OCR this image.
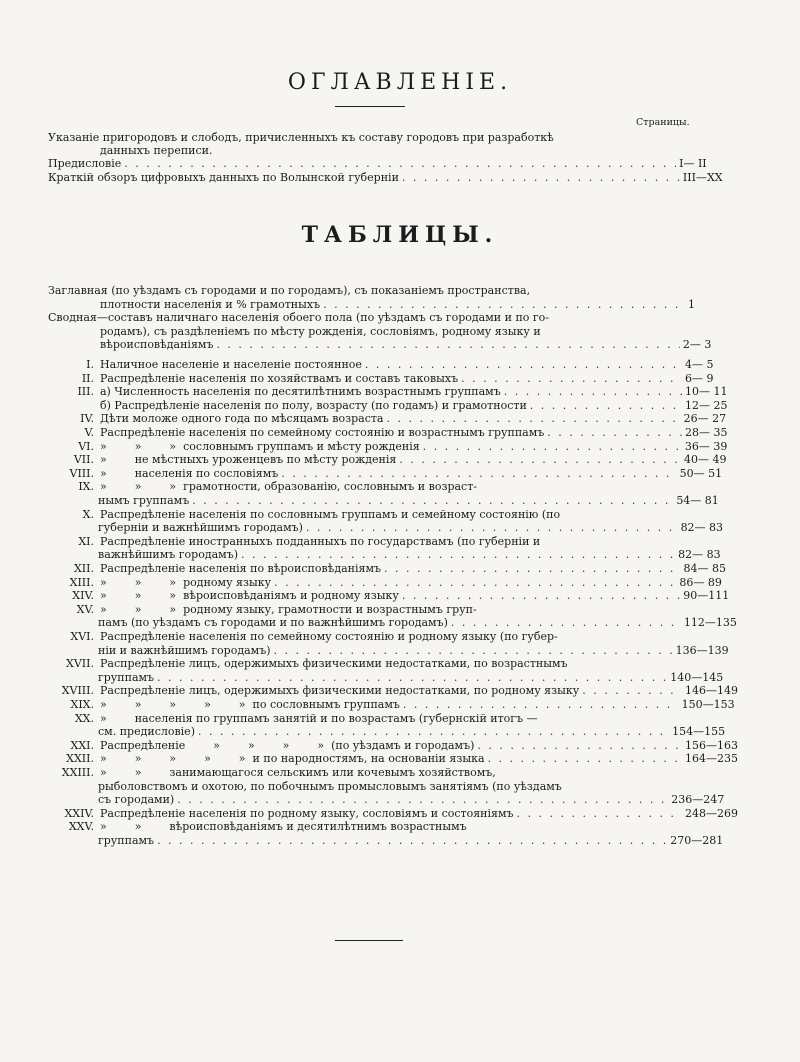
ОГЛАВЛЕНІЕ.
Страницы.
Указаніе пригородовъ и слободъ, причисленныхъ къ составу городовъ при разработкѣ
данныхъ переписи.
Предисловіе . . .	I— II
Краткій обзоръ цифровыхъ данныхъ по Волынской губерніи . . .	III—XX
ТАБЛИЦЫ.
Заглавная (по уѣздамъ съ городами и по городамъ), съ показаніемъ пространства,
плотности населенія и % грамотныхъ . . .	1
Сводная—составъ наличнаго населенія обоего пола (по уѣздамъ съ городами и по го-
родамъ), съ раздѣленіемъ по мѣсту рожденія, сословіямъ, родному языку и
вѣроисповѣданіямъ . . .	2— 3
I. Наличное населеніе и населеніе постоянное . . .	4— 5
II. Распредѣленіе населенія по хозяйствамъ и составъ таковыхъ . . .	6— 9
III. а) Численность населенія по десятилѣтнимъ возрастнымъ группамъ . . .	10— 11
б) Распредѣленіе населенія по полу, возрасту (по годамъ) и грамотности . . .	12— 25
IV. Дѣти моложе одного года по мѣсяцамъ возраста . . .	26— 27
V. Распредѣленіе населенія по семейному состоянію и возрастнымъ группамъ . . .	28— 35
VI. »        »        »  сословнымъ группамъ и мѣсту рожденія . . .	36— 39
VII. »        не мѣстныхъ уроженцевъ по мѣсту рожденія . . .	40— 49
VIII. »        населенія по сословіямъ . . .	50— 51
IX. »        »        »  грамотности, образованію, сословнымъ и возраст-
нымъ группамъ . . .	54— 81
X. Распредѣленіе населенія по сословнымъ группамъ и семейному состоянію (по
губерніи и важнѣйшимъ городамъ) . . .	82— 83
XI. Распредѣленіе иностранныхъ подданныхъ по государствамъ (по губерніи и
важнѣйшимъ городамъ) . . .	82— 83
XII. Распредѣленіе населенія по вѣроисповѣданіямъ . . .	84— 85
XIII. »        »        »  родному языку . . .	86— 89
XIV. »        »        »  вѣроисповѣданіямъ и родному языку . . .	90—111
XV. »        »        »  родному языку, грамотности и возрастнымъ груп-
памъ (по уѣздамъ съ городами и по важнѣйшимъ городамъ) . . .	112—135
XVI. Распредѣленіе населенія по семейному состоянію и родному языку (по губер-
ніи и важнѣйшимъ городамъ) . . .	136—139
XVII. Распредѣленіе лицъ, одержимыхъ физическими недостатками, по возрастнымъ
группамъ . . .	140—145
XVIII. Распредѣленіе лицъ, одержимыхъ физическими недостатками, по родному языку . . .	146—149
XIX. »        »        »        »        »  по сословнымъ группамъ . . .	150—153
XX. »        населенія по группамъ занятій и по возрастамъ (губернскій итогъ —
см. предисловіе) . . .	154—155
XXI. Распредѣленіе        »        »        »        »  (по уѣздамъ и городамъ) . . .	156—163
XXII. »        »        »        »        »  и по народностямъ, на основаніи языка . . .	164—235
XXIII. »        »        занимающагося сельскимъ или кочевымъ хозяйствомъ,
рыболовствомъ и охотою, по побочнымъ промысловымъ занятіямъ (по уѣздамъ
съ городами) . . .	236—247
XXIV. Распредѣленіе населенія по родному языку, сословіямъ и состояніямъ . . .	248—269
XXV. »        »        вѣроисповѣданіямъ и десятилѣтнимъ возрастнымъ
группамъ . . .	270—281
